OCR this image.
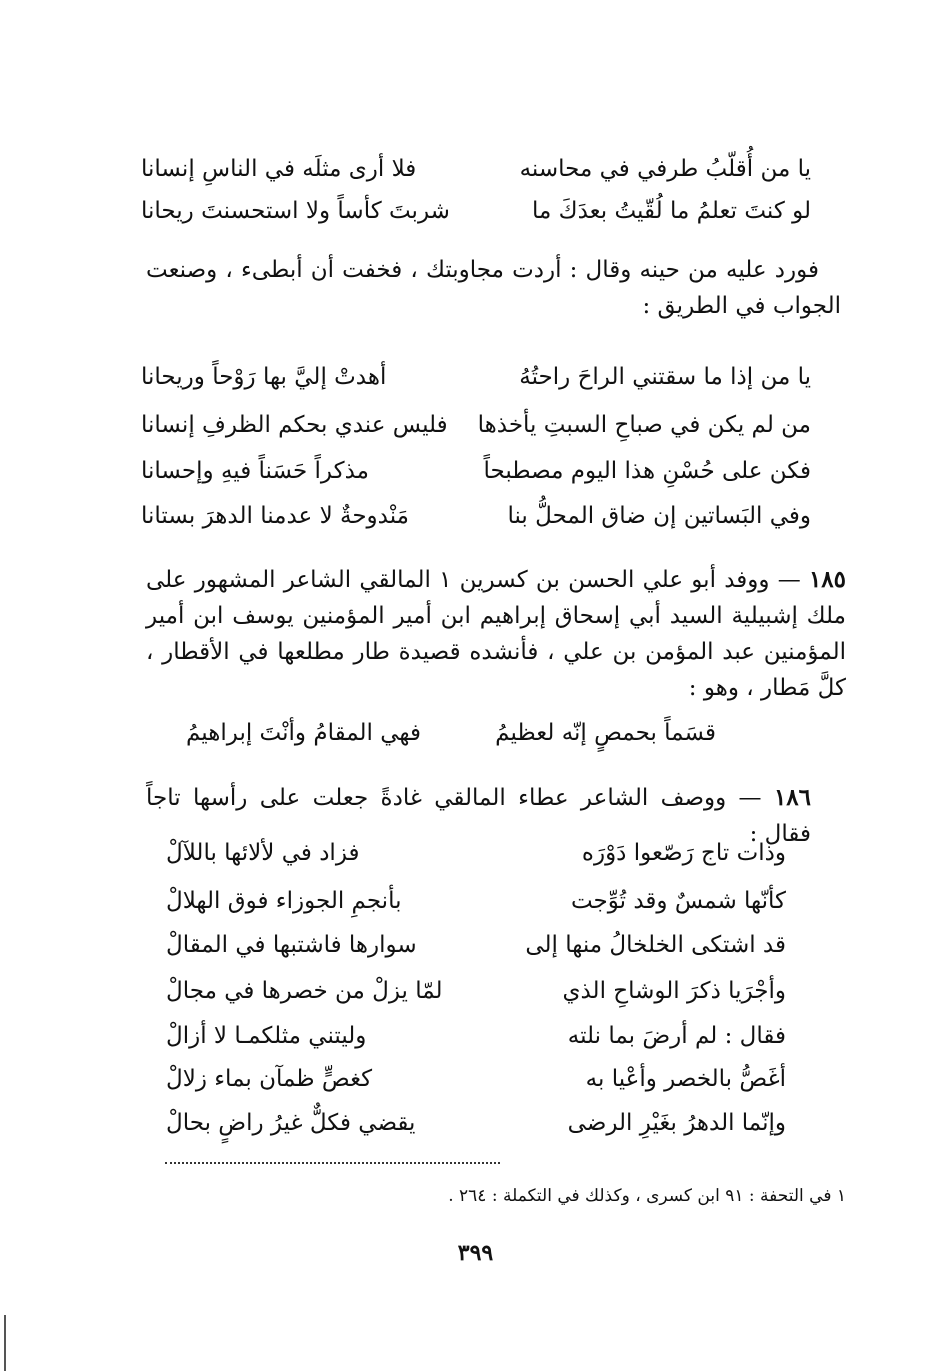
يا من أُقلّبُ طرفي في محاسنه
فلا أرى مثلَه في الناسِ إنسانا
لو كنتَ تعلمُ ما لُقّيتُ بعدَكَ ما
شربتَ كأساً ولا استحسنتَ ريحانا
فورد عليه من حينه وقال : أردت مجاوبتك ، فخفت أن أبطىء ، وصنعت الجواب في الطريق :
يا من إذا ما سقتني الراحَ راحتُهُ
أهدتْ إليَّ بها رَوْحاً وريحانا
من لم يكن في صباحِ السبتِ يأخذها
فليس عندي بحكم الظرفِ إنسانا
فكن على حُسْنِ هذا اليوم مصطبحاً
مذكراً حَسَناً فيهِ وإحسانا
وفي البَساتين إن ضاق المحلُّ بنا
مَنْدوحةٌ لا عدمنا الدهرَ بستانا
١٨٥ — ووفد أبو علي الحسن بن كسرين ١ المالقي الشاعر المشهور على ملك إشبيلية السيد أبي إسحاق إبراهيم ابن أمير المؤمنين يوسف ابن أمير المؤمنين عبد المؤمن بن علي ، فأنشده قصيدة طار مطلعها في الأقطار ، كلَّ مَطار ، وهو :
قسَماً بحمصٍ إنّه لعظيمُ
فهي المقامُ وأنْتَ إبراهيمُ
١٨٦ — ووصف الشاعر عطاء المالقي غادةً جعلت على رأسها تاجاً فقال :
وذات تاج رَصّعوا دَوْرَه
فزاد في لألائها باللآلْ
كأنّها شمسٌ وقد تُوِّجت
بأنجمِ الجوزاء فوق الهلالْ
قد اشتكى الخلخالُ منها إلى
سوارها فاشتبها في المقالْ
وأجْرَيا ذكرَ الوشاحِ الذي
لمّا يزلْ من خصرها في مجالْ
فقال : لم أرضَ بما نلته
وليتني مثلكمـا لا أزالْ
أغَصُّ بالخصر وأعْيا به
كغصٍّ ظمآن بماء زلالْ
وإنّما الدهرُ بغَيْرِ الرضى
يقضي فكلٌّ غيرُ راضٍ بحالْ
١ في التحفة : ٩١ ابن كسرى ، وكذلك في التكملة : ٢٦٤ .
٣٩٩
